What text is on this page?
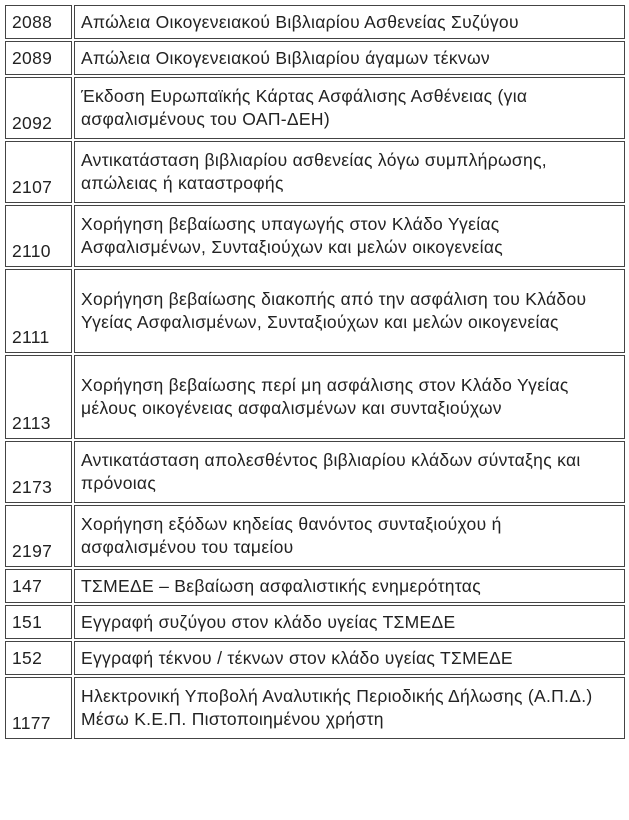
2088	Απώλεια Οικογενειακού Βιβλιαρίου Ασθενείας Συζύγου
2089	Απώλεια Οικογενειακού Βιβλιαρίου άγαμων τέκνων
2092	Έκδοση Ευρωπαϊκής Κάρτας Ασφάλισης Ασθένειας (για ασφαλισμένους του ΟΑΠ-ΔΕΗ)
2107	Αντικατάσταση βιβλιαρίου ασθενείας λόγω συμπλήρωσης, απώλειας ή καταστροφής
2110	Χορήγηση βεβαίωσης υπαγωγής στον Κλάδο Υγείας Ασφαλισμένων, Συνταξιούχων και μελών οικογενείας
2111	Χορήγηση βεβαίωσης διακοπής από την ασφάλιση του Κλάδου Υγείας Ασφαλισμένων, Συνταξιούχων και μελών οικογενείας
2113	Χορήγηση βεβαίωσης περί μη ασφάλισης στον Κλάδο Υγείας μέλους οικογένειας ασφαλισμένων και συνταξιούχων
2173	Αντικατάσταση απολεσθέντος βιβλιαρίου κλάδων σύνταξης και πρόνοιας
2197	Χορήγηση εξόδων κηδείας θανόντος συνταξιούχου ή ασφαλισμένου του ταμείου
147	ΤΣΜΕΔΕ – Βεβαίωση ασφαλιστικής ενημερότητας
151	Εγγραφή συζύγου στον κλάδο υγείας ΤΣΜΕΔΕ
152	Εγγραφή τέκνου / τέκνων στον κλάδο υγείας ΤΣΜΕΔΕ
1177	Ηλεκτρονική Υποβολή Αναλυτικής Περιοδικής Δήλωσης (Α.Π.Δ.) Μέσω Κ.Ε.Π. Πιστοποιημένου χρήστη
